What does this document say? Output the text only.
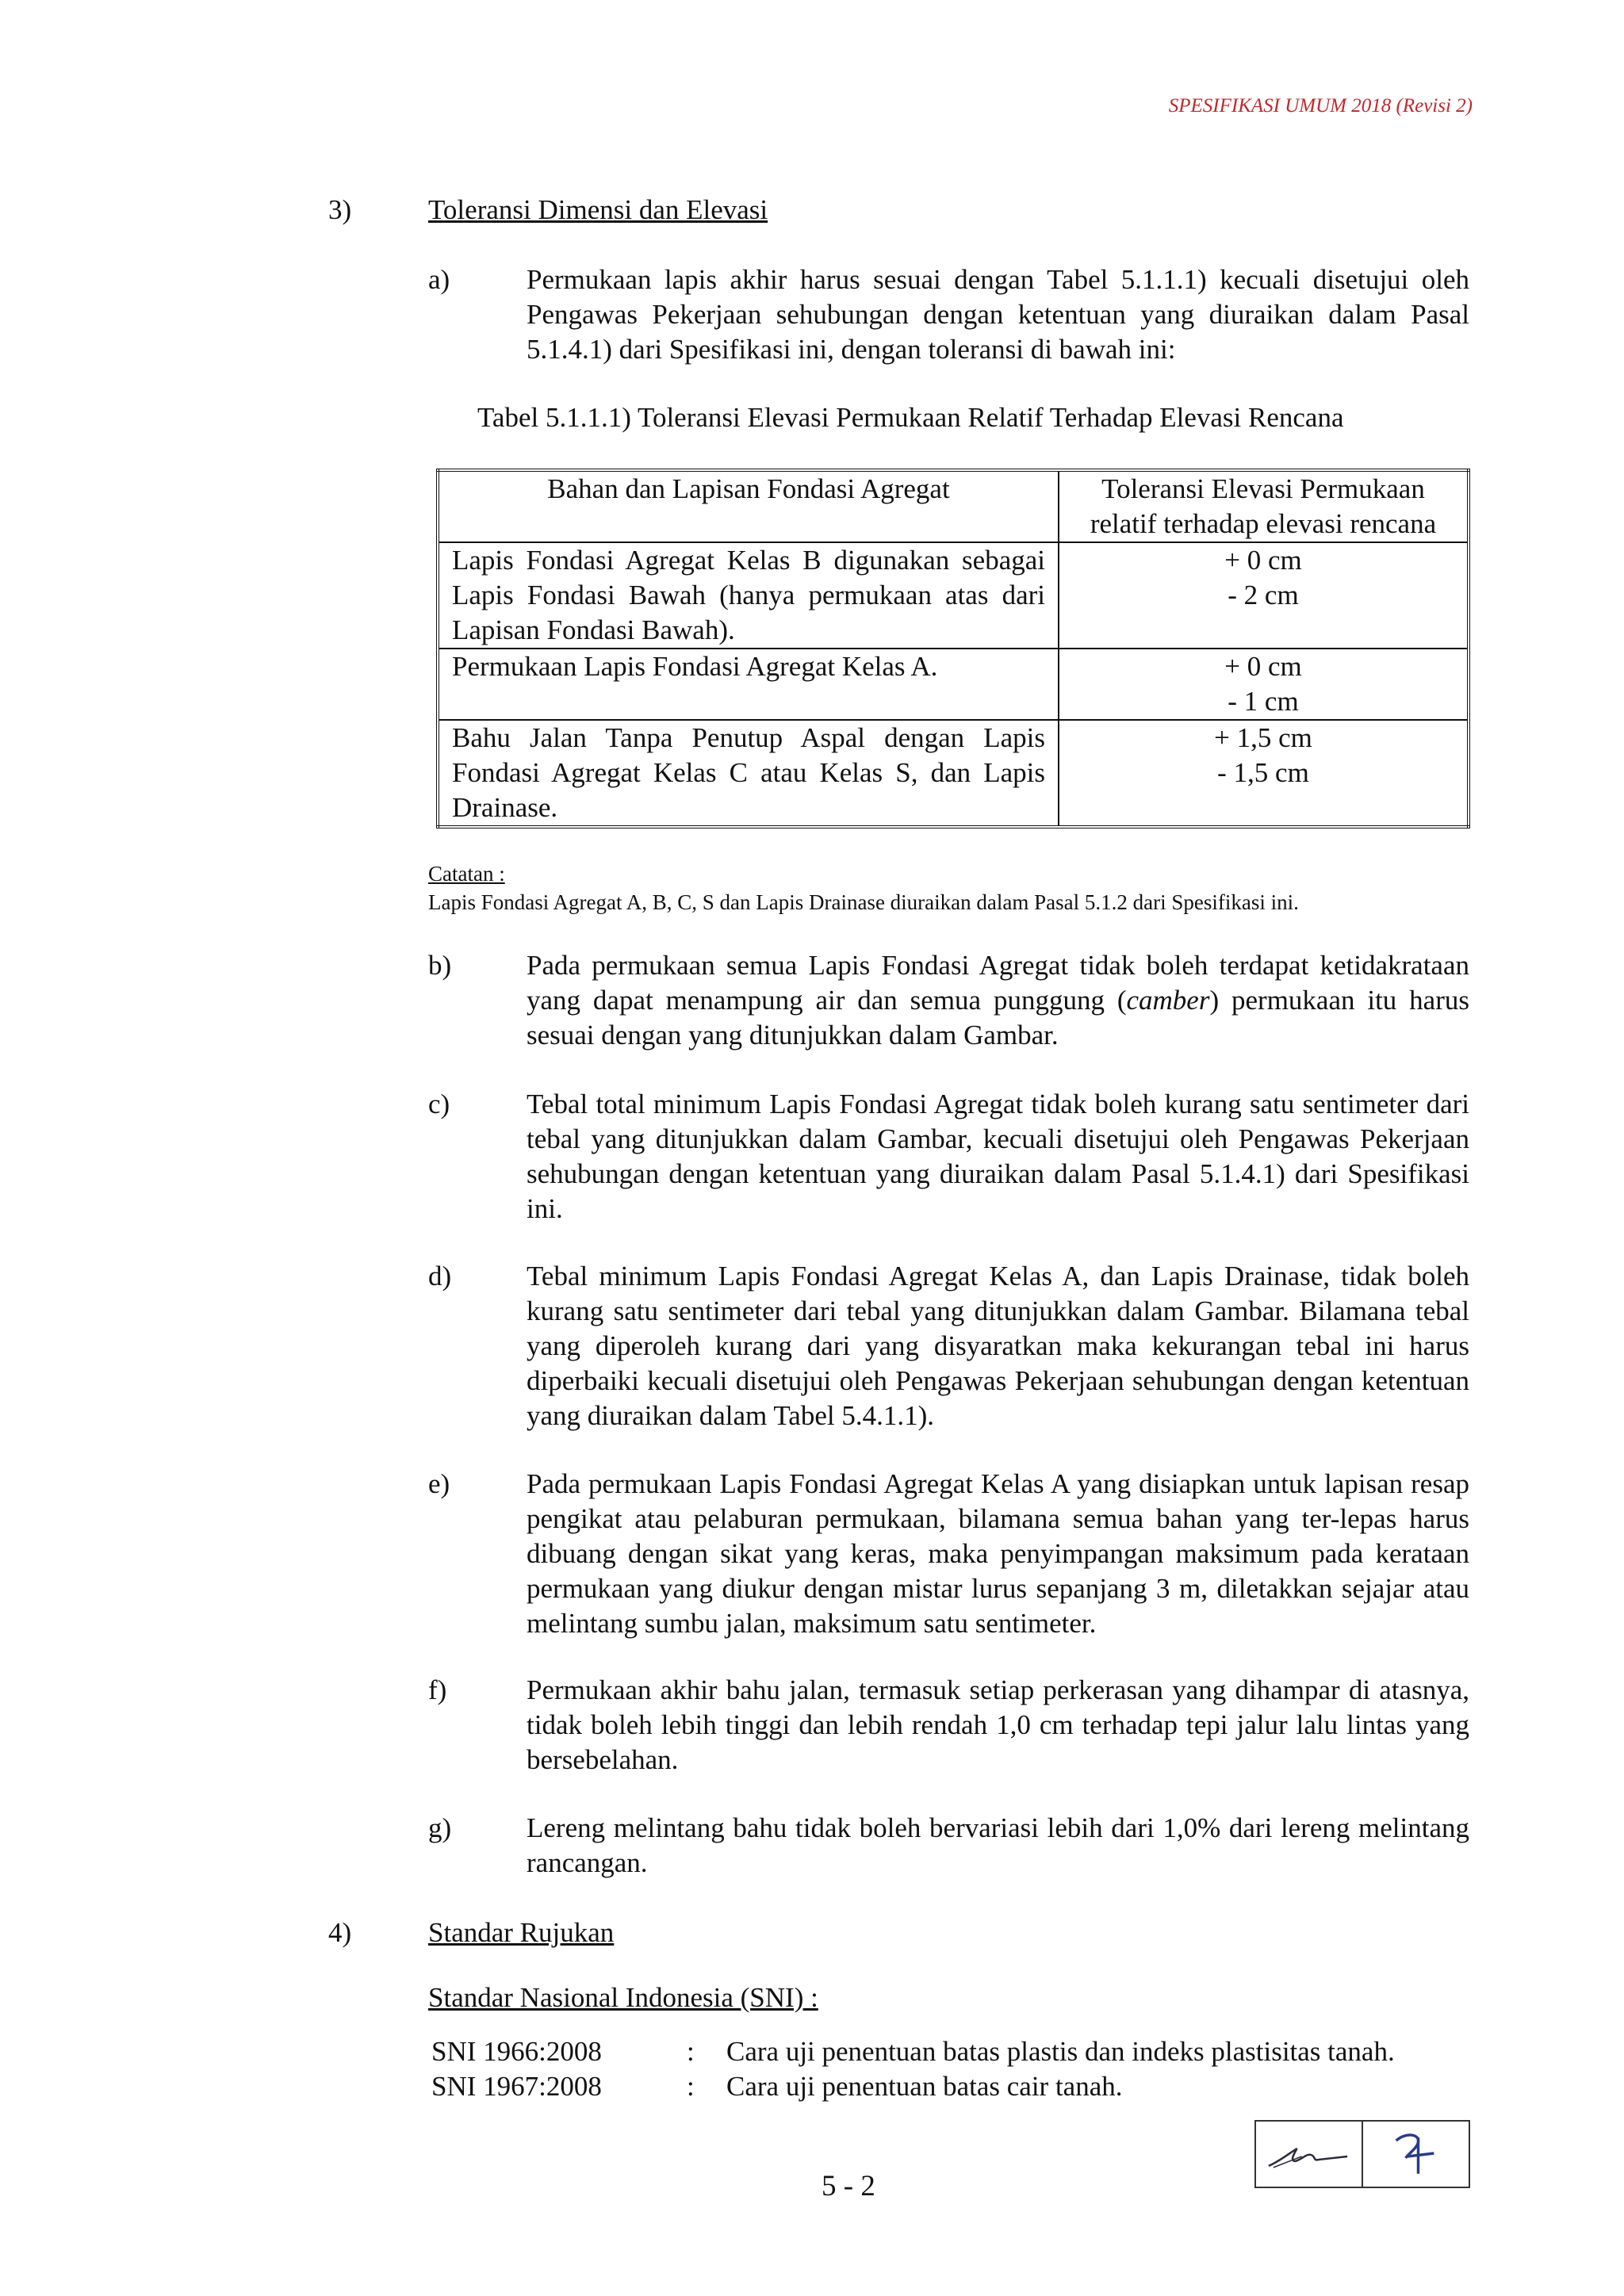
SPESIFIKASI UMUM 2018 (Revisi 2)
3)	Toleransi Dimensi dan Elevasi
a)	Permukaan lapis akhir harus sesuai dengan Tabel 5.1.1.1) kecuali disetujui oleh Pengawas Pekerjaan sehubungan dengan ketentuan yang diuraikan dalam Pasal 5.1.4.1) dari Spesifikasi ini, dengan toleransi di bawah ini:
Tabel 5.1.1.1) Toleransi Elevasi Permukaan Relatif Terhadap Elevasi Rencana
Bahan dan Lapisan Fondasi Agregat	Toleransi Elevasi Permukaan
relatif terhadap elevasi rencana

Lapis Fondasi Agregat Kelas B digunakan sebagai Lapis Fondasi Bawah (hanya permukaan atas dari Lapisan Fondasi Bawah).	+ 0 cm
- 2 cm

Permukaan Lapis Fondasi Agregat Kelas A.	+ 0 cm
- 1 cm

Bahu Jalan Tanpa Penutup Aspal dengan Lapis Fondasi Agregat Kelas C atau Kelas S, dan Lapis Drainase.	+ 1,5 cm
- 1,5 cm
Catatan :
Lapis Fondasi Agregat A, B, C, S dan Lapis Drainase diuraikan dalam Pasal 5.1.2 dari Spesifikasi ini.
b)	Pada permukaan semua Lapis Fondasi Agregat tidak boleh terdapat ketidakrataan yang dapat menampung air dan semua punggung (camber) permukaan itu harus sesuai dengan yang ditunjukkan dalam Gambar.
c)	Tebal total minimum Lapis Fondasi Agregat tidak boleh kurang satu sentimeter dari tebal yang ditunjukkan dalam Gambar, kecuali disetujui oleh Pengawas Pekerjaan sehubungan dengan ketentuan yang diuraikan dalam Pasal 5.1.4.1) dari Spesifikasi ini.
d)	Tebal minimum Lapis Fondasi Agregat Kelas A, dan Lapis Drainase, tidak boleh kurang satu sentimeter dari tebal yang ditunjukkan dalam Gambar. Bilamana tebal yang diperoleh kurang dari yang disyaratkan maka kekurangan tebal ini harus diperbaiki kecuali disetujui oleh Pengawas Pekerjaan sehubungan dengan ketentuan yang diuraikan dalam Tabel 5.4.1.1).
e)	Pada permukaan Lapis Fondasi Agregat Kelas A yang disiapkan untuk lapisan resap pengikat atau pelaburan permukaan, bilamana semua bahan yang ter-lepas harus dibuang dengan sikat yang keras, maka penyimpangan maksimum pada kerataan permukaan yang diukur dengan mistar lurus sepanjang 3 m, diletakkan sejajar atau melintang sumbu jalan, maksimum satu sentimeter.
f)	Permukaan akhir bahu jalan, termasuk setiap perkerasan yang dihampar di atasnya, tidak boleh lebih tinggi dan lebih rendah 1,0 cm terhadap tepi jalur lalu lintas yang bersebelahan.
g)	Lereng melintang bahu tidak boleh bervariasi lebih dari 1,0% dari lereng melintang rancangan.
4)	Standar Rujukan
Standar Nasional Indonesia (SNI) :
SNI 1966:2008	: Cara uji penentuan batas plastis dan indeks plastisitas tanah.
SNI 1967:2008	: Cara uji penentuan batas cair tanah.
5 - 2
